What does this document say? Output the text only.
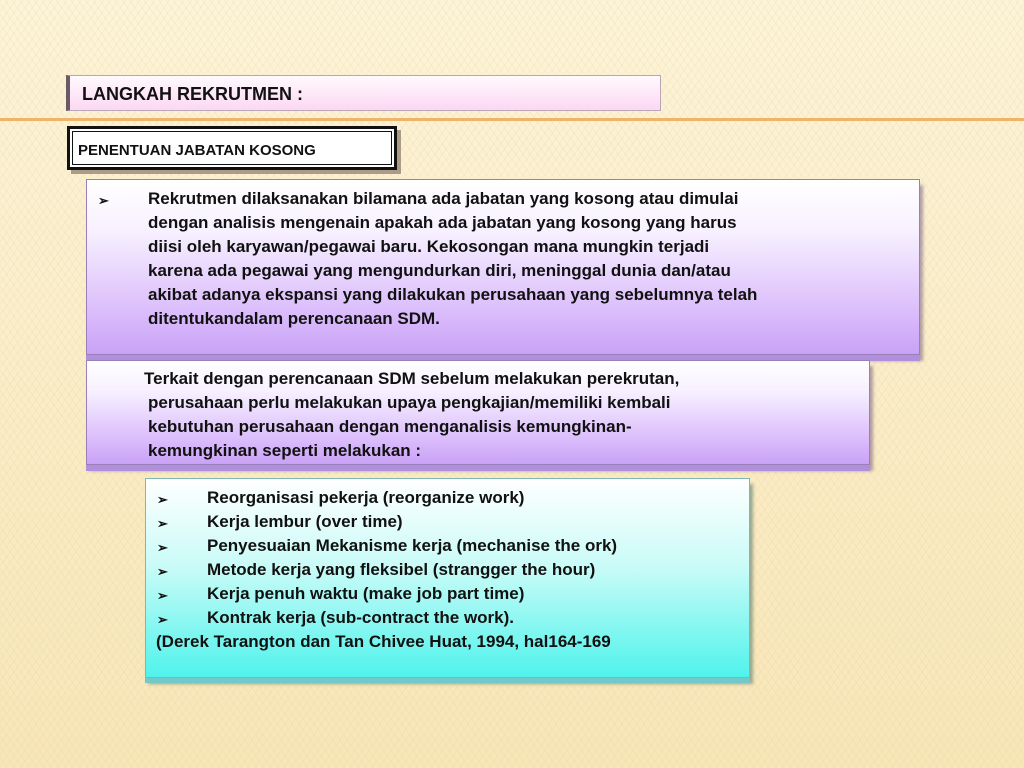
LANGKAH REKRUTMEN :
PENENTUAN JABATAN KOSONG
➢ Rekrutmen dilaksanakan bilamana ada jabatan yang kosong atau dimulai
dengan analisis mengenain apakah ada jabatan yang kosong yang harus
diisi oleh karyawan/pegawai baru. Kekosongan mana mungkin terjadi
karena ada pegawai yang mengundurkan diri, meninggal dunia dan/atau
akibat adanya ekspansi yang dilakukan perusahaan yang sebelumnya telah
ditentukandalam perencanaan SDM.
Terkait dengan perencanaan SDM sebelum melakukan perekrutan,
perusahaan perlu melakukan upaya pengkajian/memiliki kembali
kebutuhan perusahaan dengan menganalisis kemungkinan-
kemungkinan seperti melakukan :
➢ Reorganisasi pekerja (reorganize work)
➢ Kerja lembur (over time)
➢ Penyesuaian Mekanisme kerja (mechanise the ork)
➢ Metode kerja yang fleksibel (strangger the hour)
➢ Kerja penuh waktu (make job part time)
➢ Kontrak kerja (sub-contract the work).
(Derek Tarangton dan Tan Chivee Huat, 1994, hal164-169
